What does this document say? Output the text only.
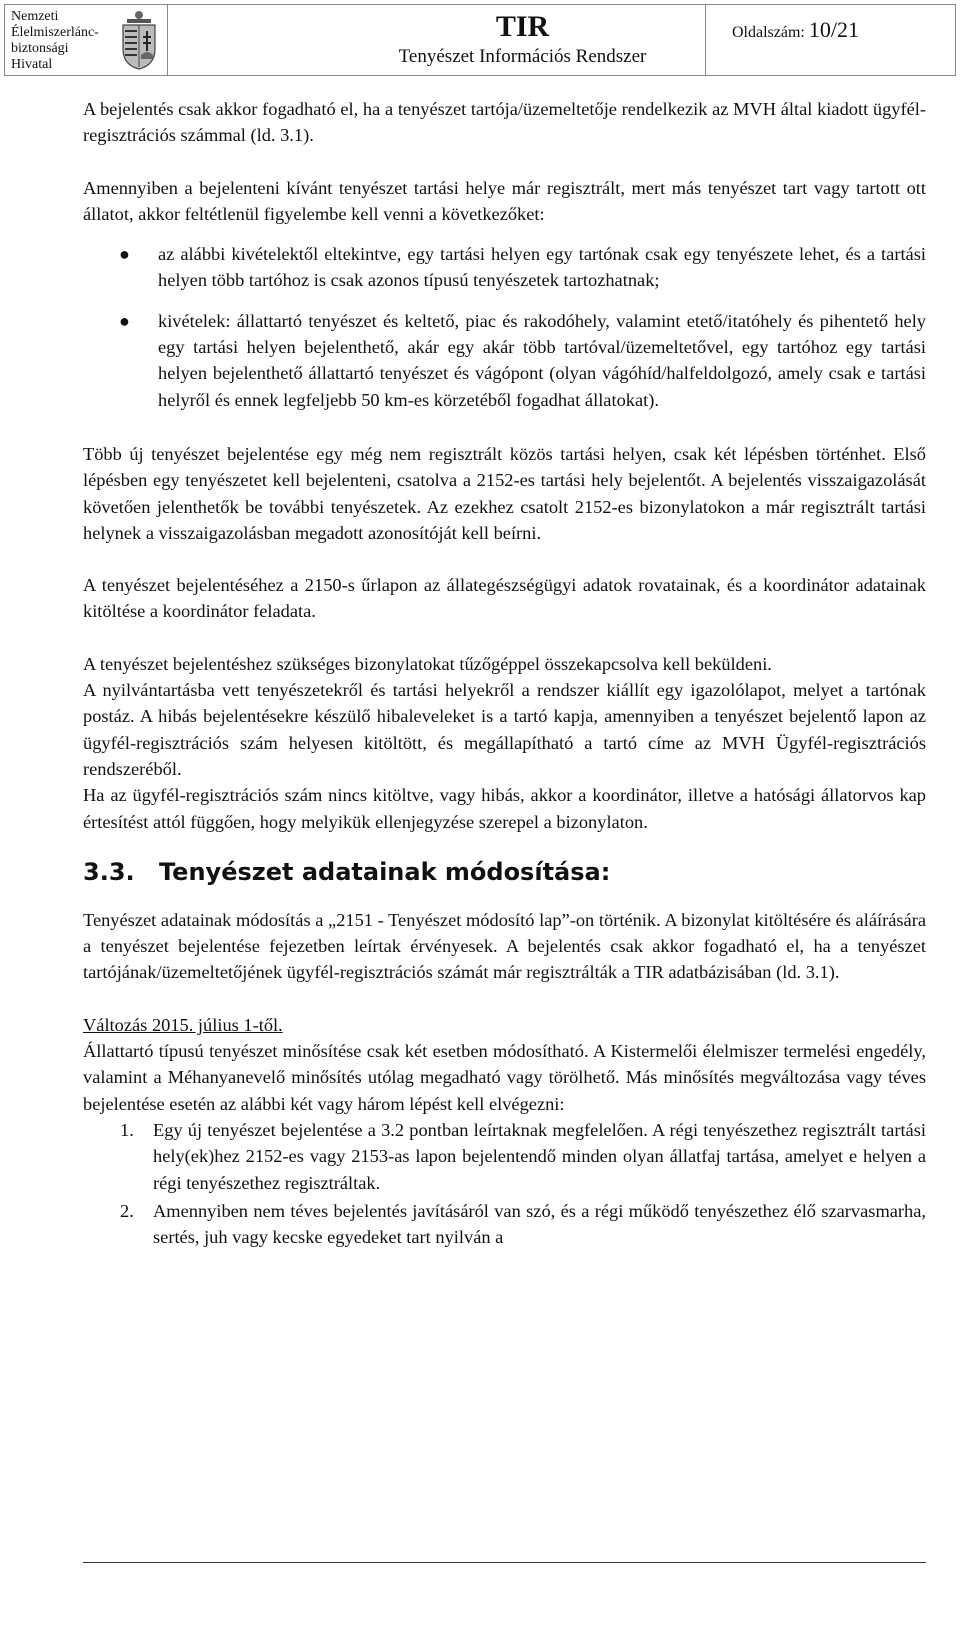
Nemzeti
Élelmiszerlánc-
biztonsági
Hivatal
TIR
Tenyészet Információs Rendszer
Oldalszám: 10/21

A bejelentés csak akkor fogadható el, ha a tenyészet tartója/üzemeltetője rendelkezik az MVH által kiadott ügyfél-regisztrációs számmal (ld. 3.1).

Amennyiben a bejelenteni kívánt tenyészet tartási helye már regisztrált, mert más tenyészet tart vagy tartott ott állatot, akkor feltétlenül figyelembe kell venni a következőket:

● az alábbi kivételektől eltekintve, egy tartási helyen egy tartónak csak egy tenyészete lehet, és a tartási helyen több tartóhoz is csak azonos típusú tenyészetek tartozhatnak;
● kivételek: állattartó tenyészet és keltető, piac és rakodóhely, valamint etető/itatóhely és pihentető hely egy tartási helyen bejelenthető, akár egy akár több tartóval/üzemeltetővel, egy tartóhoz egy tartási helyen bejelenthető állattartó tenyészet és vágópont (olyan vágóhíd/halfeldolgozó, amely csak e tartási helyről és ennek legfeljebb 50 km-es körzetéből fogadhat állatokat).

Több új tenyészet bejelentése egy még nem regisztrált közös tartási helyen, csak két lépésben történhet. Első lépésben egy tenyészetet kell bejelenteni, csatolva a 2152-es tartási hely bejelentőt. A bejelentés visszaigazolását követően jelenthetők be további tenyészetek. Az ezekhez csatolt 2152-es bizonylatokon a már regisztrált tartási helynek a visszaigazolásban megadott azonosítóját kell beírni.

A tenyészet bejelentéséhez a 2150-s űrlapon az állategészségügyi adatok rovatainak, és a koordinátor adatainak kitöltése a koordinátor feladata.

A tenyészet bejelentéshez szükséges bizonylatokat tűzőgéppel összekapcsolva kell beküldeni.

A nyilvántartásba vett tenyészetekről és tartási helyekről a rendszer kiállít egy igazolólapot, melyet a tartónak postáz. A hibás bejelentésekre készülő hibaleveleket is a tartó kapja, amennyiben a tenyészet bejelentő lapon az ügyfél-regisztrációs szám helyesen kitöltött, és megállapítható a tartó címe az MVH Ügyfél-regisztrációs rendszeréből.

Ha az ügyfél-regisztrációs szám nincs kitöltve, vagy hibás, akkor a koordinátor, illetve a hatósági állatorvos kap értesítést attól függően, hogy melyikük ellenjegyzése szerepel a bizonylaton.

3.3. Tenyészet adatainak módosítása:

Tenyészet adatainak módosítás a „2151 - Tenyészet módosító lap”-on történik. A bizonylat kitöltésére és aláírására a tenyészet bejelentése fejezetben leírtak érvényesek. A bejelentés csak akkor fogadható el, ha a tenyészet tartójának/üzemeltetőjének ügyfél-regisztrációs számát már regisztrálták a TIR adatbázisában (ld. 3.1).

Változás 2015. július 1-től.

Állattartó típusú tenyészet minősítése csak két esetben módosítható. A Kistermelői élelmiszer termelési engedély, valamint a Méhanyanevelő minősítés utólag megadható vagy törölhető. Más minősítés megváltozása vagy téves bejelentése esetén az alábbi két vagy három lépést kell elvégezni:

1. Egy új tenyészet bejelentése a 3.2 pontban leírtaknak megfelelően. A régi tenyészethez regisztrált tartási hely(ek)hez 2152-es vagy 2153-as lapon bejelentendő minden olyan állatfaj tartása, amelyet e helyen a régi tenyészethez regisztráltak.
2. Amennyiben nem téves bejelentés javításáról van szó, és a régi működő tenyészethez élő szarvasmarha, sertés, juh vagy kecske egyedeket tart nyilván a
